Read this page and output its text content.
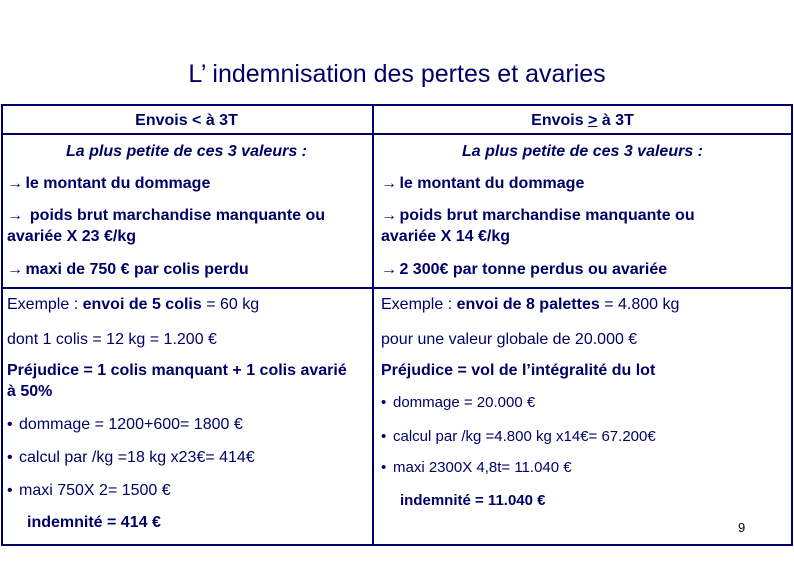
L’ indemnisation des pertes et avaries
Envois < à 3T
La plus petite de ces 3 valeurs :
→ le montant du dommage
→ poids brut marchandise manquante ou avariée X 23 €/kg
→ maxi de 750 € par colis perdu
Exemple : envoi de 5 colis = 60 kg
dont 1 colis = 12 kg = 1.200 €
Préjudice = 1 colis manquant + 1 colis avarié à 50%
• dommage = 1200+600= 1800 €
• calcul par /kg =18 kg x23€= 414€
• maxi 750X 2= 1500 €
indemnité = 414 €
Envois > à 3T
La plus petite de ces 3 valeurs :
→ le montant du dommage
→ poids brut marchandise manquante ou avariée X 14 €/kg
→ 2 300€ par tonne perdus ou avariée
Exemple : envoi de 8 palettes = 4.800 kg
pour une valeur globale de 20.000 €
Préjudice = vol de l’intégralité du lot
• dommage = 20.000 €
• calcul par /kg =4.800 kg x14€= 67.200€
• maxi 2300X 4,8t= 11.040 €
indemnité = 11.040 €
9
